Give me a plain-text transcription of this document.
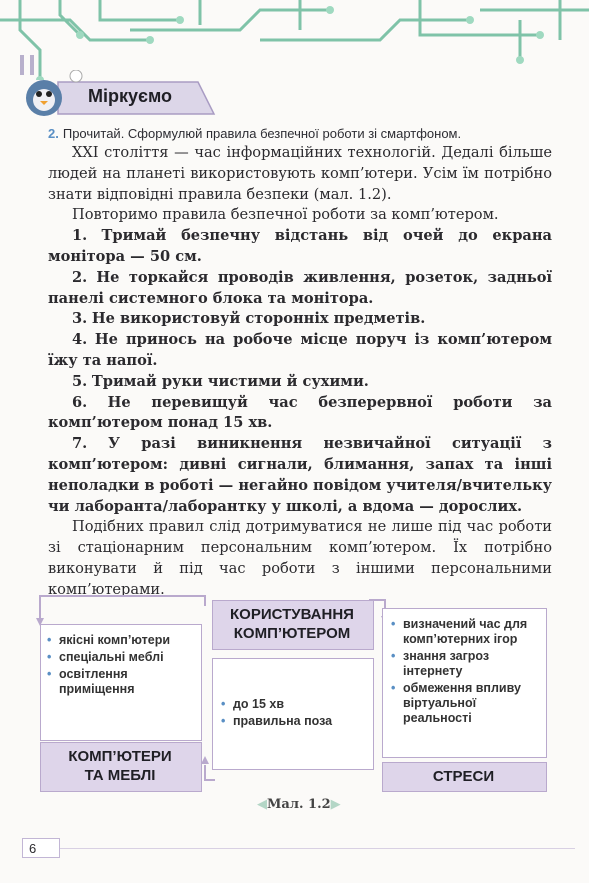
Міркуємо
2. Прочитай. Сформулюй правила безпечної роботи зі смартфоном.

XXI століття — час інформаційних технологій. Дедалі більше людей на планеті використовують комп’ютери. Усім їм потрібно знати відповідні правила безпеки (мал. 1.2).

Повторимо правила безпечної роботи за комп’ютером.

1. Тримай безпечну відстань від очей до екрана монітора — 50 см.

2. Не торкайся проводів живлення, розеток, задньої панелі системного блока та монітора.

3. Не використовуй сторонніх предметів.

4. Не принось на робоче місце поруч із комп’ютером їжу та напої.

5. Тримай руки чистими й сухими.

6. Не перевищуй час безперервної роботи за комп’ютером понад 15 хв.

7. У разі виникнення незвичайної ситуації з комп’ютером: дивні сигнали, блимання, запах та інші неполадки в роботі — негайно повідом учителя/вчительку чи лаборанта/лаборантку у школі, а вдома — дорослих.

Подібних правил слід дотримуватися не лише під час роботи зі стаціонарним персональним комп’ютером. Їх потрібно виконувати й під час роботи з іншими персональними комп’ютерами.

• якісні комп’ютери
• спеціальні меблі
• освітлення приміщення
КОМП’ЮТЕРИ ТА МЕБЛІ
КОРИСТУВАННЯ КОМП’ЮТЕРОМ
• до 15 хв
• правильна поза
• визначений час для комп’ютерних ігор
• знання загроз інтернету
• обмеження впливу віртуальної реальності
СТРЕСИ
◀Мал. 1.2▶
6
